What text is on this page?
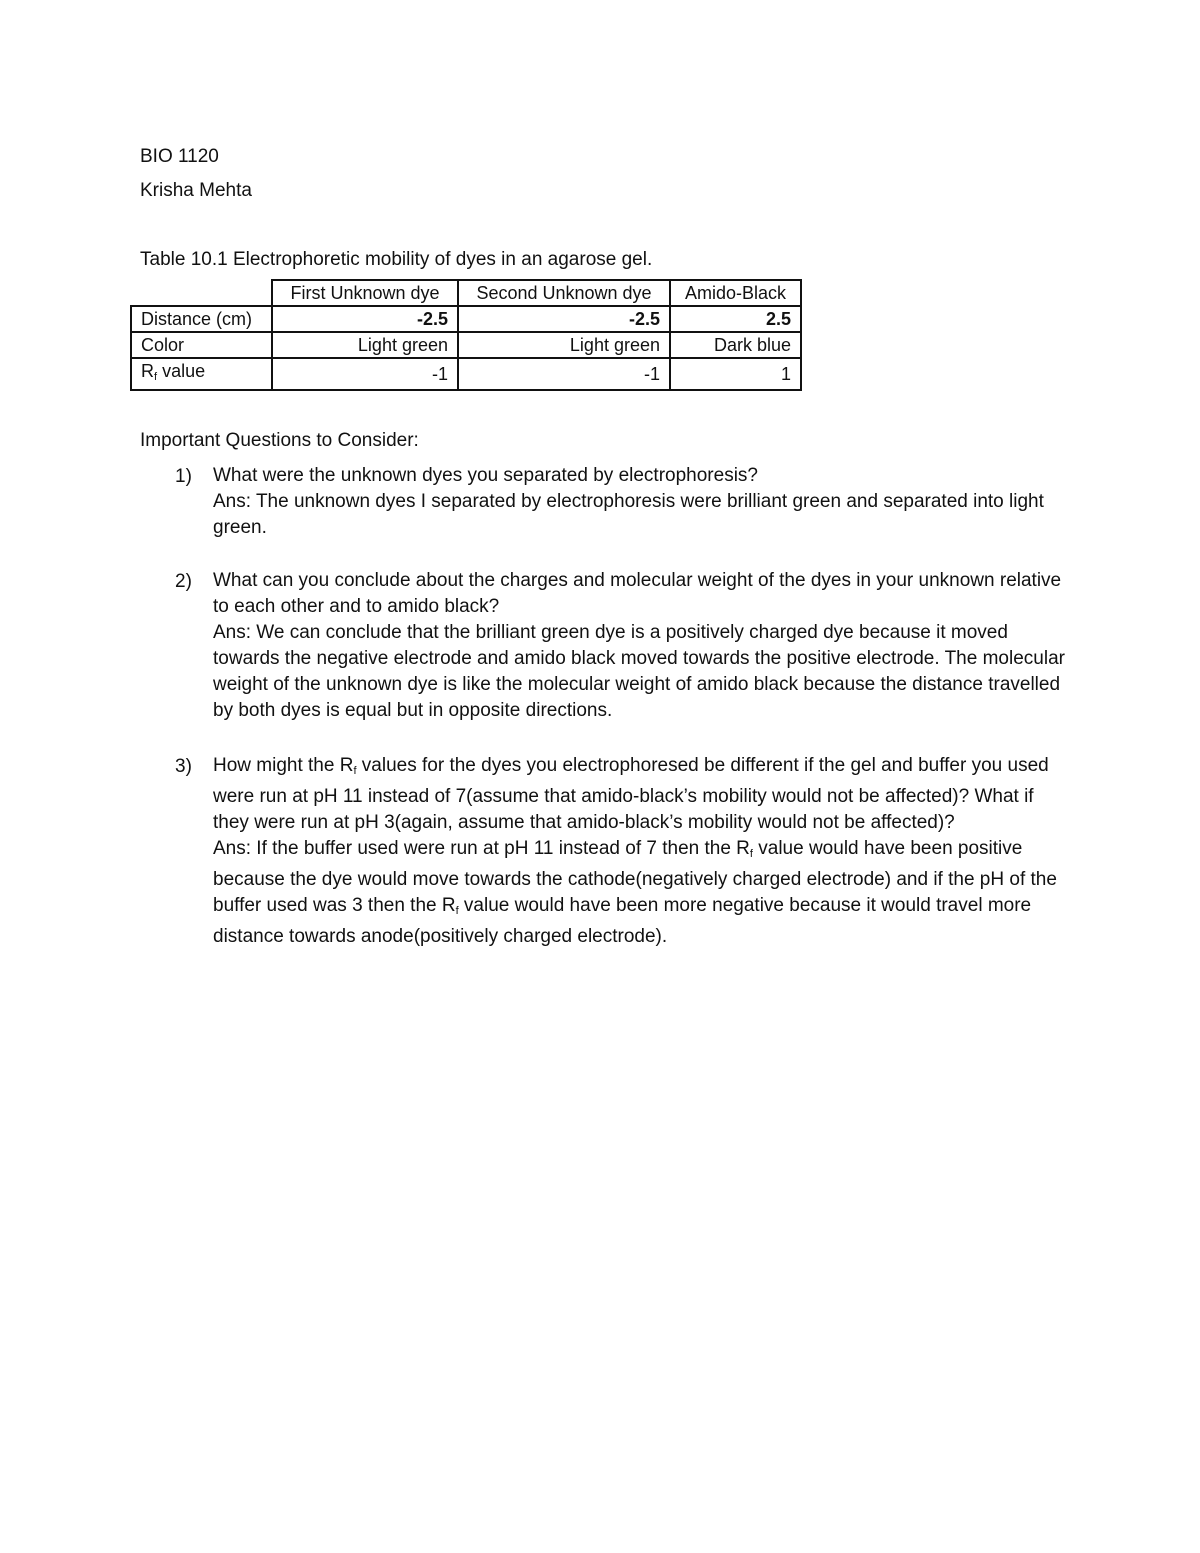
BIO 1120
Krisha Mehta
Table 10.1 Electrophoretic mobility of dyes in an agarose gel.
	First Unknown dye	Second Unknown dye	Amido-Black
Distance (cm)	-2.5	-2.5	2.5
Color	Light green	Light green	Dark blue
$R_f$ value	-1	-1	1
Important Questions to Consider:
1) What were the unknown dyes you separated by electrophoresis?

Ans: The unknown dyes I separated by electrophoresis were brilliant green and separated into light green.

2) What can you conclude about the charges and molecular weight of the dyes in your unknown relative to each other and to amido black?

Ans: We can conclude that the brilliant green dye is a positively charged dye because it moved towards the negative electrode and amido black moved towards the positive electrode. The molecular weight of the unknown dye is like the molecular weight of amido black because the distance travelled by both dyes is equal but in opposite directions.

3) How might the $R_f$ values for the dyes you electrophoresed be different if the gel and buffer you used were run at pH 11 instead of 7(assume that amido-black’s mobility would not be affected)? What if they were run at pH 3(again, assume that amido-black’s mobility would not be affected)?

Ans: If the buffer used were run at pH 11 instead of 7 then the $R_f$ value would have been positive because the dye would move towards the cathode(negatively charged electrode) and if the pH of the buffer used was 3 then the $R_f$ value would have been more negative because it would travel more distance towards anode(positively charged electrode).
